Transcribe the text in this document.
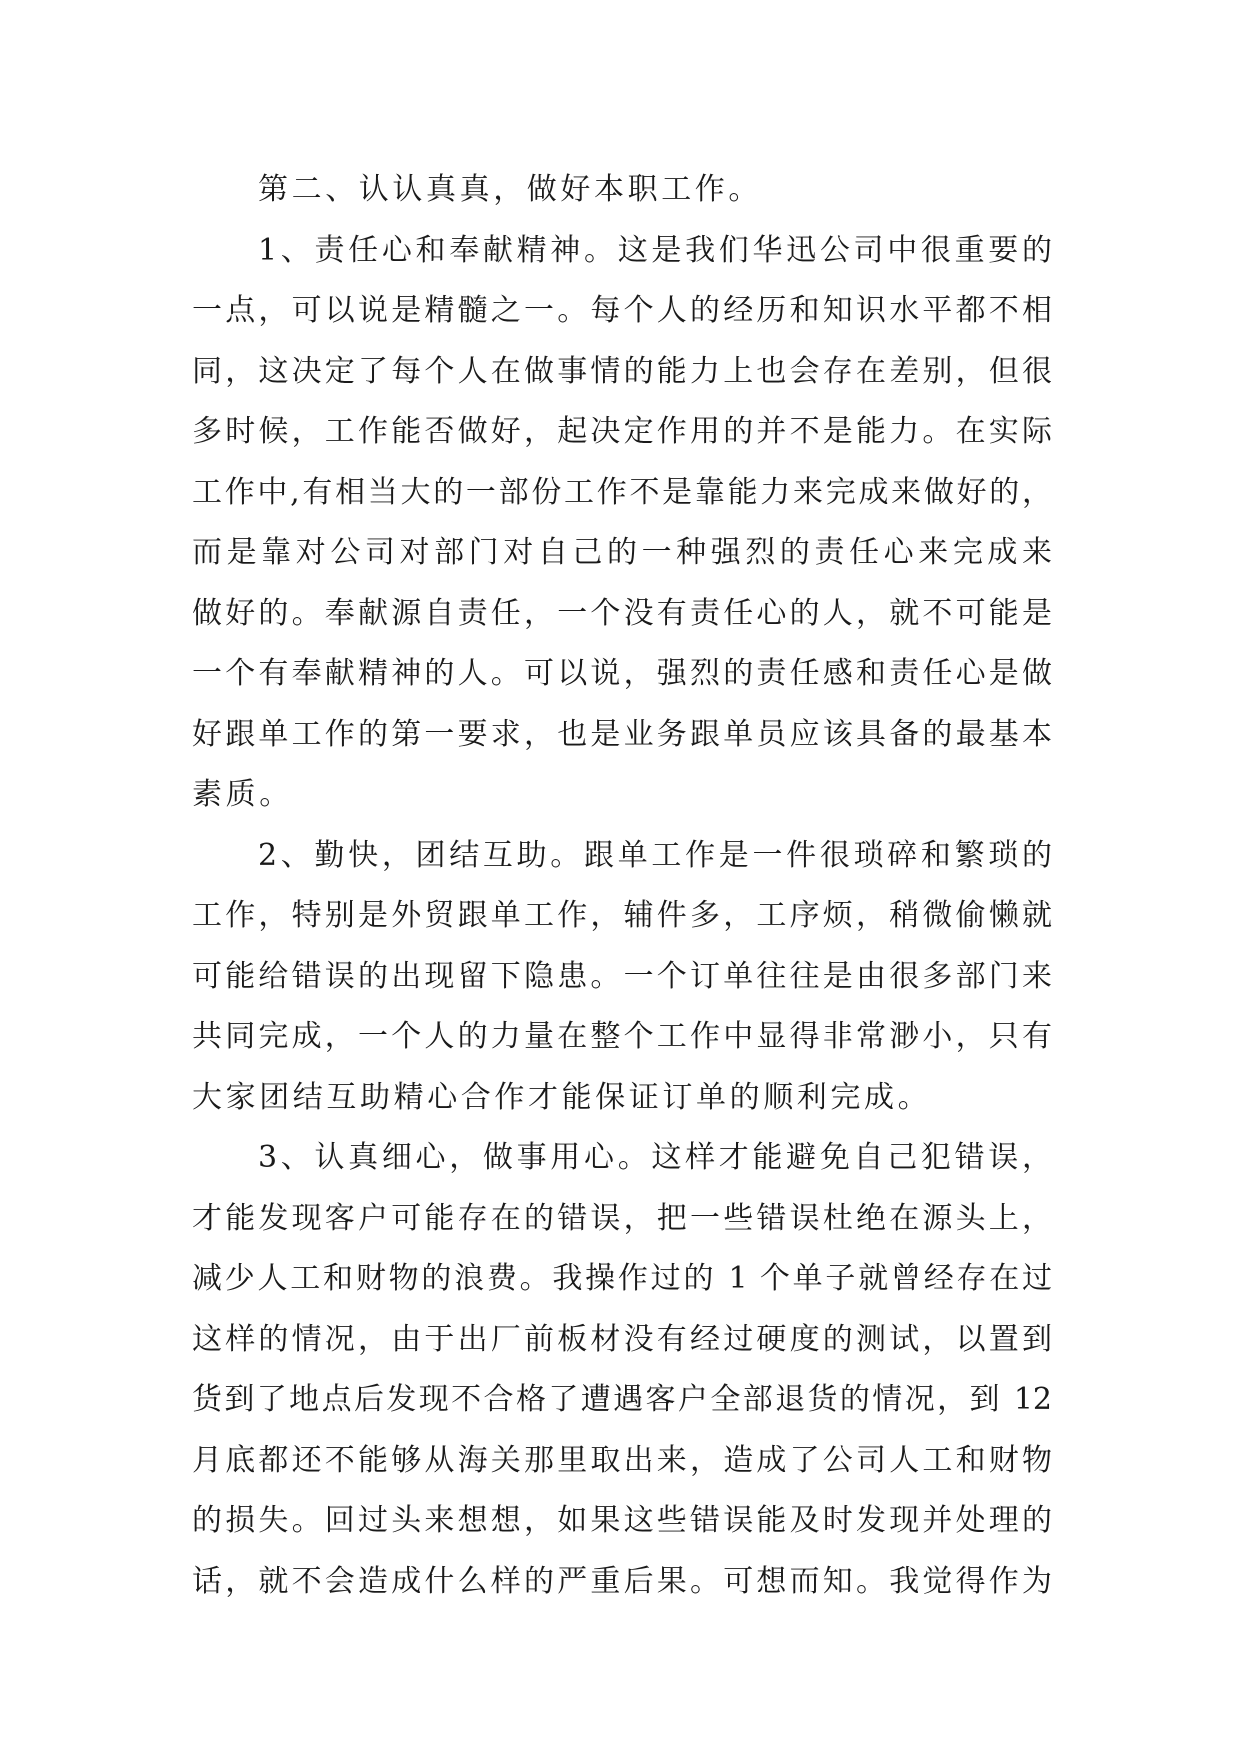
第二、认认真真，做好本职工作。
1、责任心和奉献精神。这是我们华迅公司中很重要的
一点，可以说是精髓之一。每个人的经历和知识水平都不相
同，这决定了每个人在做事情的能力上也会存在差别，但很
多时候，工作能否做好，起决定作用的并不是能力。在实际
工作中,有相当大的一部份工作不是靠能力来完成来做好的，
而是靠对公司对部门对自己的一种强烈的责任心来完成来
做好的。奉献源自责任，一个没有责任心的人，就不可能是
一个有奉献精神的人。可以说，强烈的责任感和责任心是做
好跟单工作的第一要求，也是业务跟单员应该具备的最基本
素质。
2、勤快，团结互助。跟单工作是一件很琐碎和繁琐的
工作，特别是外贸跟单工作，辅件多，工序烦，稍微偷懒就
可能给错误的出现留下隐患。一个订单往往是由很多部门来
共同完成，一个人的力量在整个工作中显得非常渺小，只有
大家团结互助精心合作才能保证订单的顺利完成。
3、认真细心，做事用心。这样才能避免自己犯错误，
才能发现客户可能存在的错误，把一些错误杜绝在源头上，
减少人工和财物的浪费。我操作过的 1 个单子就曾经存在过
这样的情况，由于出厂前板材没有经过硬度的测试，以置到
货到了地点后发现不合格了遭遇客户全部退货的情况，到 12
月底都还不能够从海关那里取出来，造成了公司人工和财物
的损失。回过头来想想，如果这些错误能及时发现并处理的
话，就不会造成什么样的严重后果。可想而知。我觉得作为
